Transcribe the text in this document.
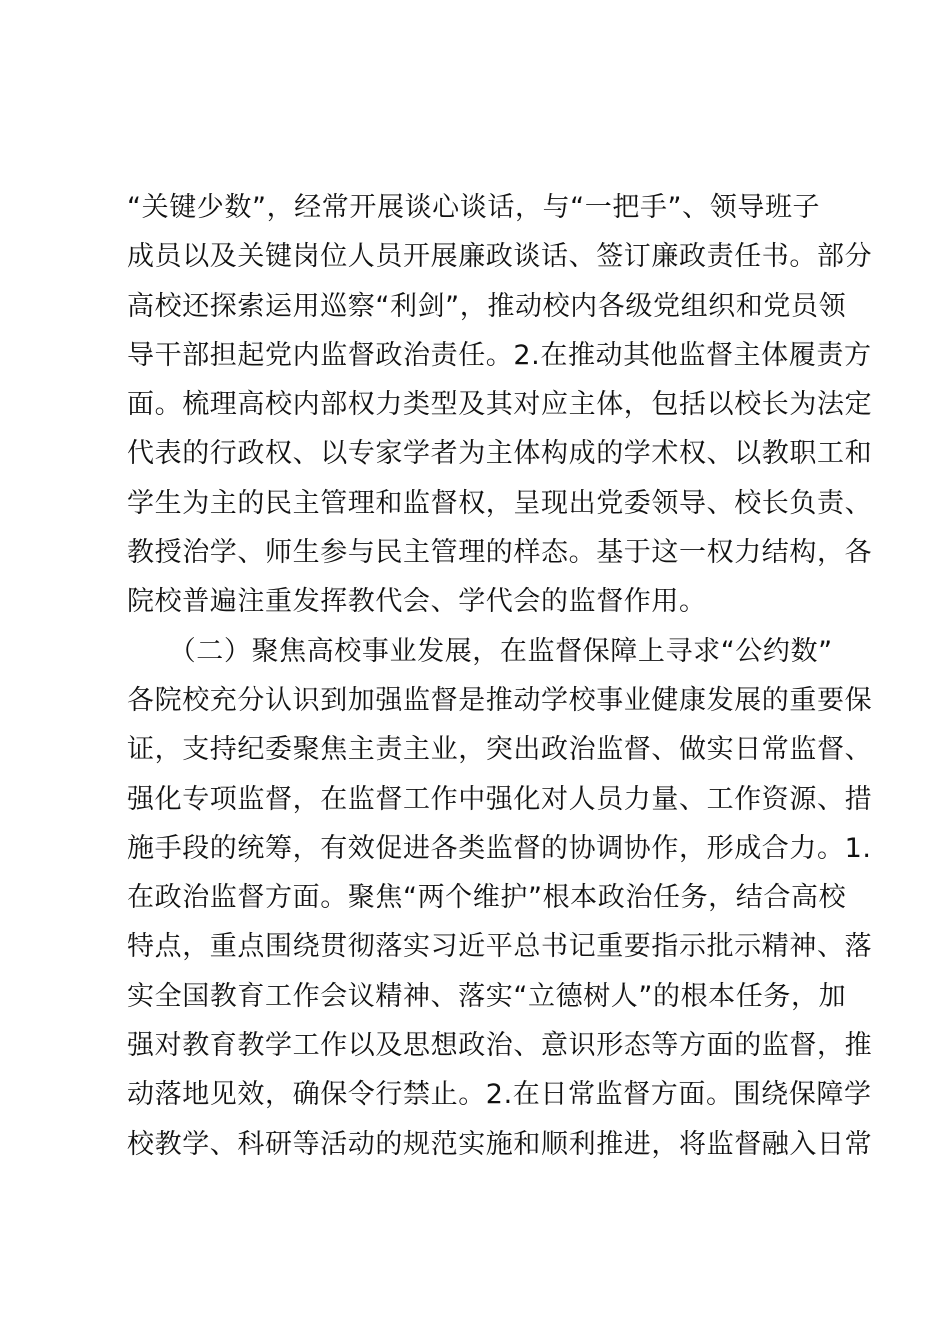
“关键少数”，经常开展谈心谈话，与“一把手”、领导班子
成员以及关键岗位人员开展廉政谈话、签订廉政责任书。部分
高校还探索运用巡察“利剑”，推动校内各级党组织和党员领
导干部担起党内监督政治责任。2.在推动其他监督主体履责方
面。梳理高校内部权力类型及其对应主体，包括以校长为法定
代表的行政权、以专家学者为主体构成的学术权、以教职工和
学生为主的民主管理和监督权，呈现出党委领导、校长负责、
教授治学、师生参与民主管理的样态。基于这一权力结构，各
院校普遍注重发挥教代会、学代会的监督作用。
　　（二）聚焦高校事业发展，在监督保障上寻求“公约数”
各院校充分认识到加强监督是推动学校事业健康发展的重要保
证，支持纪委聚焦主责主业，突出政治监督、做实日常监督、
强化专项监督，在监督工作中强化对人员力量、工作资源、措
施手段的统筹，有效促进各类监督的协调协作，形成合力。1.
在政治监督方面。聚焦“两个维护”根本政治任务，结合高校
特点，重点围绕贯彻落实习近平总书记重要指示批示精神、落
实全国教育工作会议精神、落实“立德树人”的根本任务，加
强对教育教学工作以及思想政治、意识形态等方面的监督，推
动落地见效，确保令行禁止。2.在日常监督方面。围绕保障学
校教学、科研等活动的规范实施和顺利推进，将监督融入日常
